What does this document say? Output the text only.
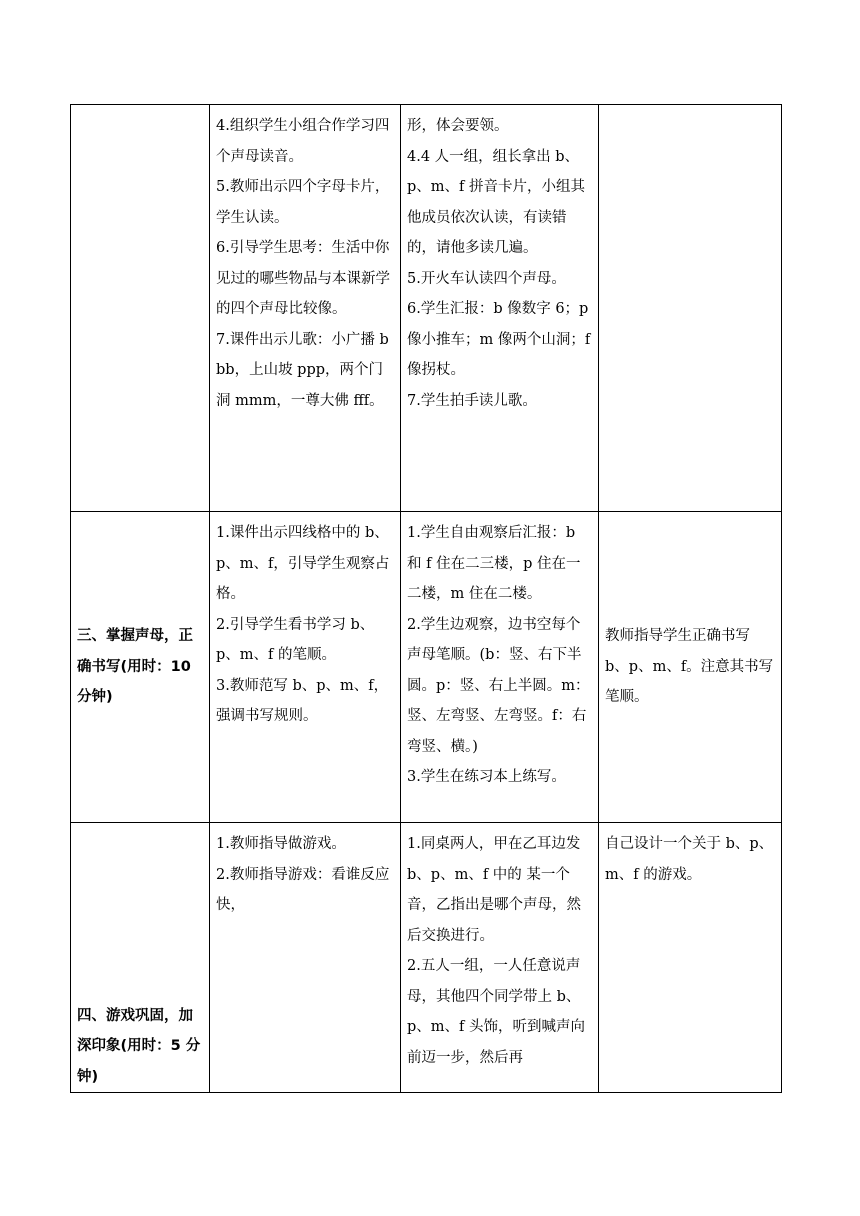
	4.组织学生小组合作学习四个声母读音。
5.教师出示四个字母卡片，学生认读。
6.引导学生思考：生活中你见过的哪些物品与本课新学的四个声母比较像。
7.课件出示儿歌：小广播 bbb，上山坡 ppp，两个门洞 mmm，一尊大佛 fff。	形，体会要领。
4.4 人一组，组长拿出 b、p、m、f 拼音卡片，小组其他成员依次认读，有读错的，请他多读几遍。
5.开火车认读四个声母。
6.学生汇报：b 像数字 6；p 像小推车；m 像两个山洞；f 像拐杖。
7.学生拍手读儿歌。	

三、掌握声母，正确书写(用时：10 分钟)	1.课件出示四线格中的 b、p、m、f，引导学生观察占格。
2.引导学生看书学习 b、p、m、f 的笔顺。
3.教师范写 b、p、m、f，强调书写规则。	1.学生自由观察后汇报：b 和 f 住在二三楼，p 住在一二楼，m 住在二楼。
2.学生边观察，边书空每个声母笔顺。(b：竖、右下半圆。p：竖、右上半圆。m：竖、左弯竖、左弯竖。f：右弯竖、横。)
3.学生在练习本上练写。	教师指导学生正确书写 b、p、m、f。注意其书写笔顺。
四、游戏巩固，加深印象(用时：5 分钟)	1.教师指导做游戏。
2.教师指导游戏：看谁反应快，	1.同桌两人，甲在乙耳边发 b、p、m、f 中的 某一个音，乙指出是哪个声母，然后交换进行。
2.五人一组，一人任意说声母，其他四个同学带上 b、p、m、f 头饰，听到喊声向前迈一步，然后再	自己设计一个关于 b、p、m、f 的游戏。
